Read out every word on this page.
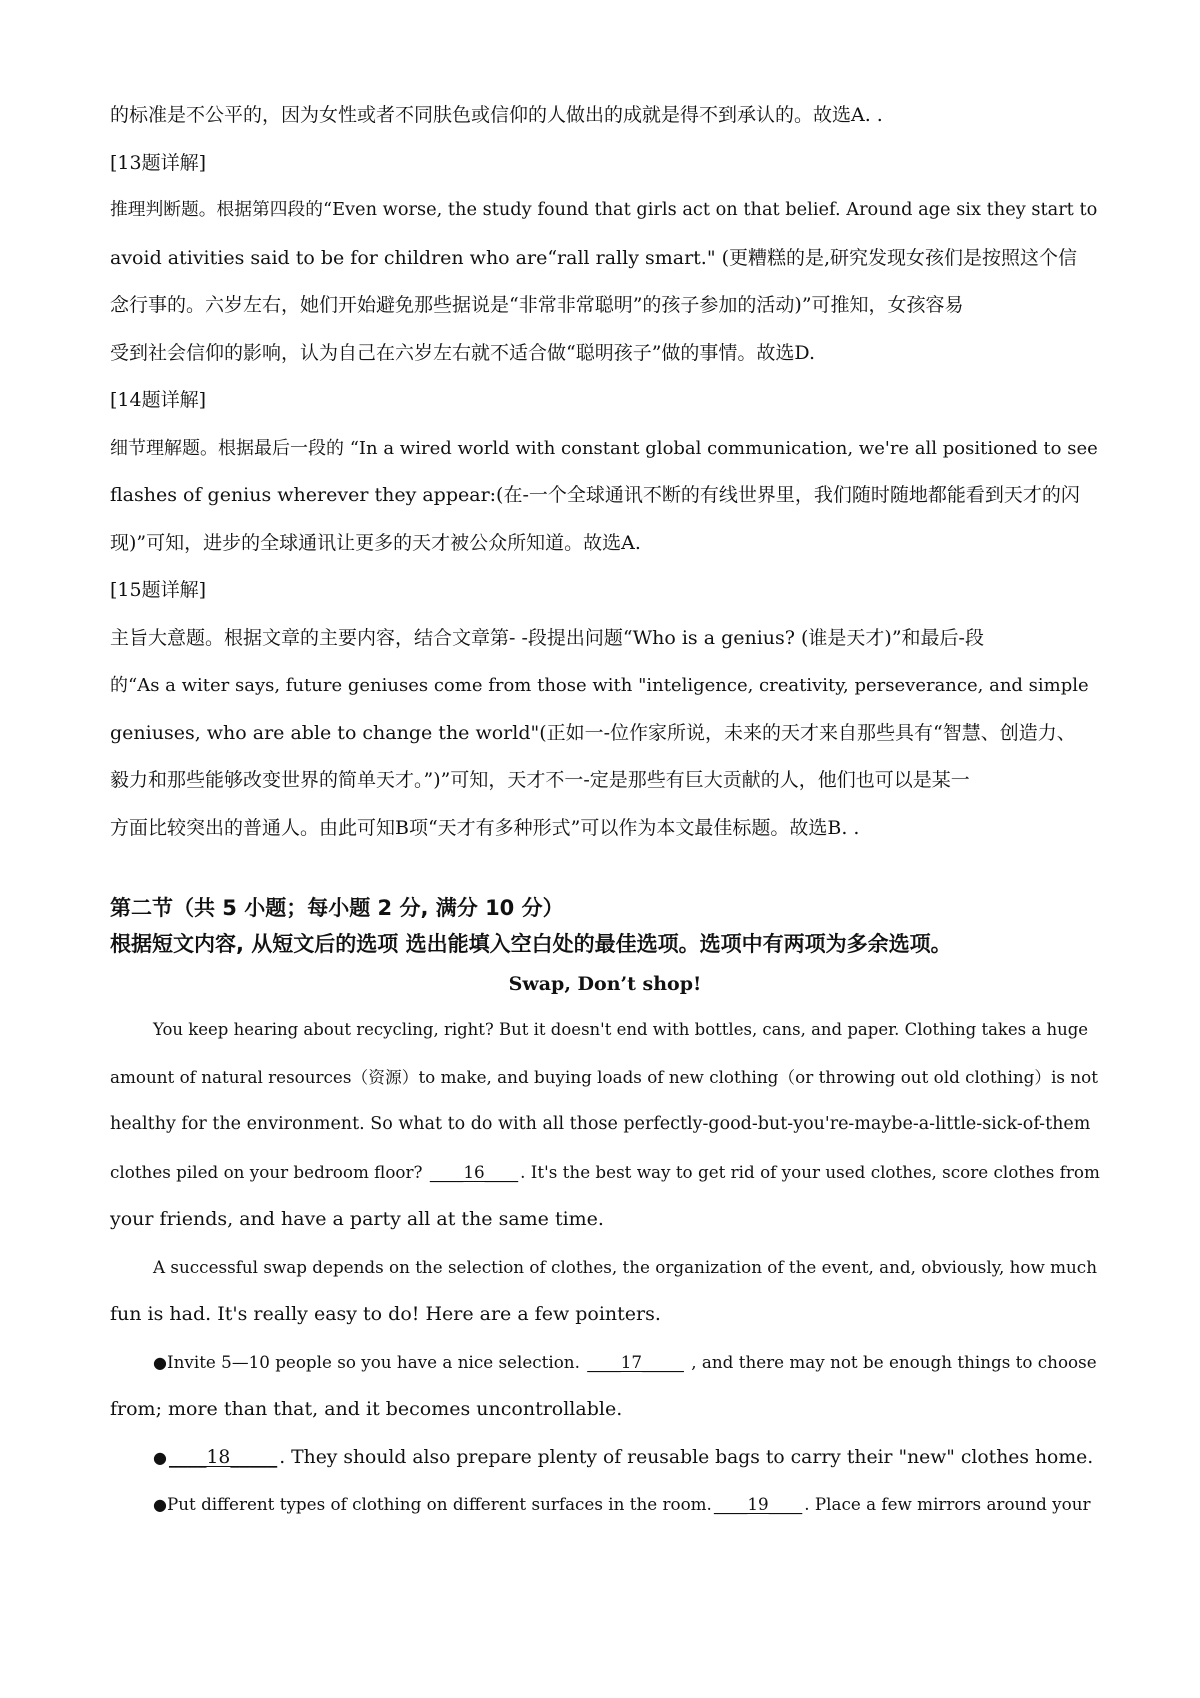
的标准是不公平的，因为女性或者不同肤色或信仰的人做出的成就是得不到承认的。故选A. .

[13题详解]

推理判断题。根据第四段的“Even worse, the study found that girls act on that belief. Around age six they start to

avoid ativities said to be for children who are“rall rally smart." (更糟糕的是,研究发现女孩们是按照这个信

念行事的。六岁左右，她们开始避免那些据说是“非常非常聪明”的孩子参加的活动)”可推知，女孩容易

受到社会信仰的影响，认为自己在六岁左右就不适合做“聪明孩子”做的事情。故选D.

[14题详解]

细节理解题。根据最后一段的 “In a wired world with constant global communication, we're all positioned to see

flashes of genius wherever they appear:(在-一个全球通讯不断的有线世界里，我们随时随地都能看到天才的闪

现)”可知，进步的全球通讯让更多的天才被公众所知道。故选A.

[15题详解]

主旨大意题。根据文章的主要内容，结合文章第- -段提出问题“Who is a genius? (谁是天才)”和最后-段

的“As a witer says, future geniuses come from those with "inteligence, creativity, perseverance, and simple

geniuses, who are able to change the world"(正如一-位作家所说，未来的天才来自那些具有“智慧、创造力、

毅力和那些能够改变世界的简单天才。”)”可知，天才不一-定是那些有巨大贡献的人，他们也可以是某一

方面比较突出的普通人。由此可知B项“天才有多种形式”可以作为本文最佳标题。故选B. .

第二节（共 5 小题；每小题 2 分, 满分 10 分）

根据短文内容, 从短文后的选项 选出能填入空白处的最佳选项。选项中有两项为多余选项。

Swap, Don’t shop!

You keep hearing about recycling, right? But it doesn't end with bottles, cans, and paper. Clothing takes a huge

amount of natural resources（资源）to make, and buying loads of new clothing（or throwing out old clothing）is not

healthy for the environment. So what to do with all those perfectly-good-but-you're-maybe-a-little-sick-of-them

clothes piled on your bedroom floor? ____16____ . It's the best way to get rid of your used clothes, score clothes from

your friends, and have a party all at the same time.

A successful swap depends on the selection of clothes, the organization of the event, and, obviously, how much

fun is had. It's really easy to do! Here are a few pointers.

●Invite 5—10 people so you have a nice selection. ____17_____ , and there may not be enough things to choose

from; more than that, and it becomes uncontrollable.

● ____18_____ . They should also prepare plenty of reusable bags to carry their "new" clothes home.

●Put different types of clothing on different surfaces in the room. ____19____ . Place a few mirrors around your
